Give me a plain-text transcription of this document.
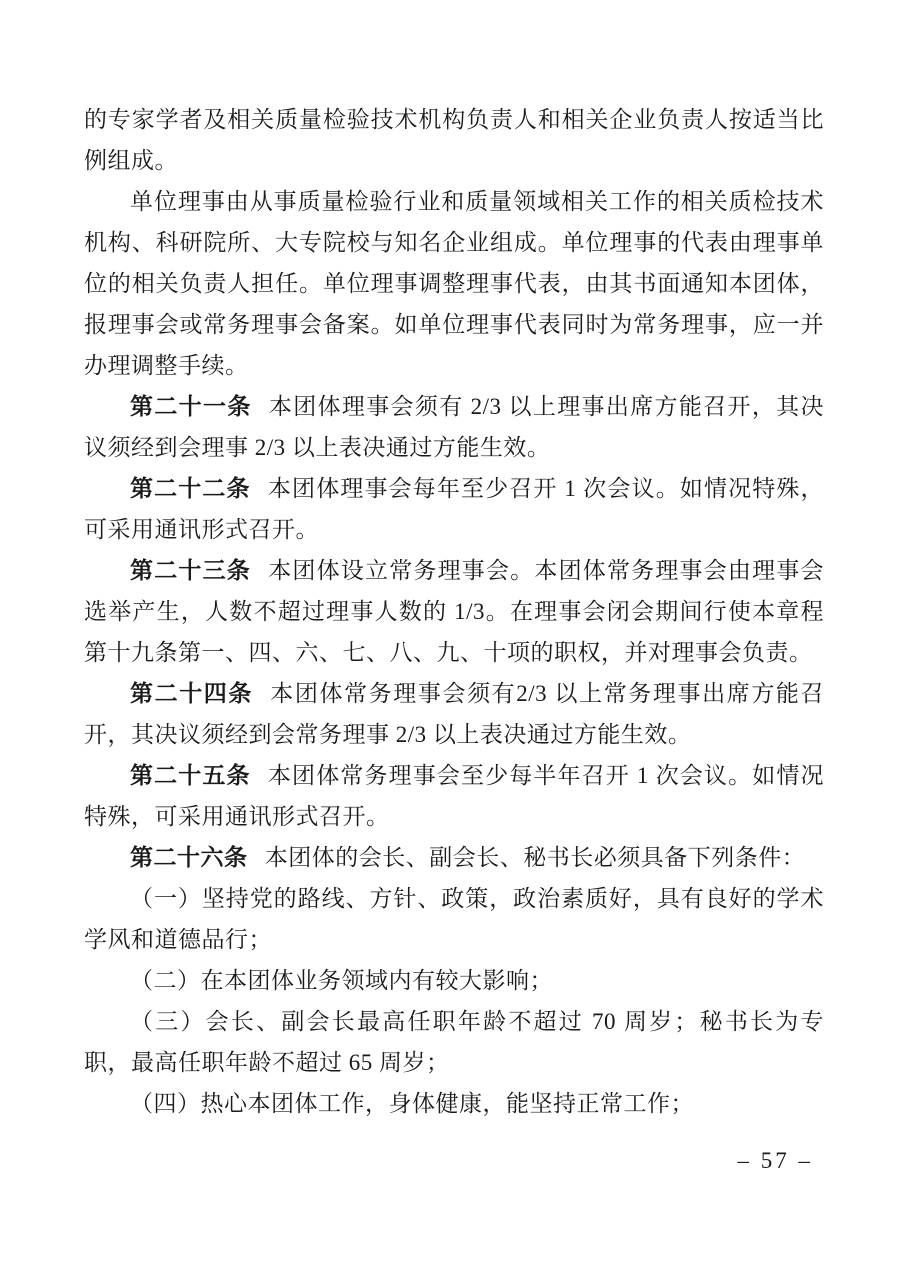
的专家学者及相关质量检验技术机构负责人和相关企业负责人按适当比例组成。

单位理事由从事质量检验行业和质量领域相关工作的相关质检技术机构、科研院所、大专院校与知名企业组成。单位理事的代表由理事单位的相关负责人担任。单位理事调整理事代表，由其书面通知本团体，报理事会或常务理事会备案。如单位理事代表同时为常务理事，应一并办理调整手续。

第二十一条 本团体理事会须有 2/3 以上理事出席方能召开，其决议须经到会理事 2/3 以上表决通过方能生效。

第二十二条 本团体理事会每年至少召开 1 次会议。如情况特殊，可采用通讯形式召开。

第二十三条 本团体设立常务理事会。本团体常务理事会由理事会选举产生，人数不超过理事人数的 1/3。在理事会闭会期间行使本章程第十九条第一、四、六、七、八、九、十项的职权，并对理事会负责。

第二十四条 本团体常务理事会须有2/3 以上常务理事出席方能召开，其决议须经到会常务理事 2/3 以上表决通过方能生效。

第二十五条 本团体常务理事会至少每半年召开 1 次会议。如情况特殊，可采用通讯形式召开。

第二十六条 本团体的会长、副会长、秘书长必须具备下列条件：

（一）坚持党的路线、方针、政策，政治素质好，具有良好的学术学风和道德品行；

（二）在本团体业务领域内有较大影响；

（三）会长、副会长最高任职年龄不超过 70 周岁；秘书长为专职，最高任职年龄不超过 65 周岁；

（四）热心本团体工作，身体健康，能坚持正常工作；

– 57 –
